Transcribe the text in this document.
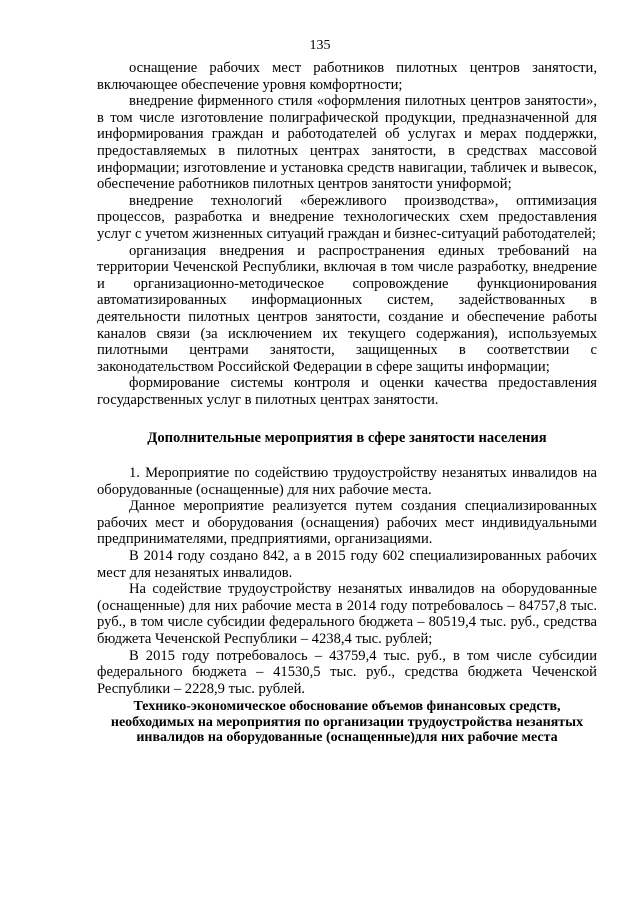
135

оснащение рабочих мест работников пилотных центров занятости, включающее обеспечение уровня комфортности;

внедрение фирменного стиля «оформления пилотных центров занятости», в том числе изготовление полиграфической продукции, предназначенной для информирования граждан и работодателей об услугах и мерах поддержки, предоставляемых в пилотных центрах занятости, в средствах массовой информации; изготовление и установка средств навигации, табличек и вывесок, обеспечение работников пилотных центров занятости униформой;

внедрение технологий «бережливого производства», оптимизация процессов, разработка и внедрение технологических схем предоставления услуг с учетом жизненных ситуаций граждан и бизнес-ситуаций работодателей;

организация внедрения и распространения единых требований на территории Чеченской Республики, включая в том числе разработку, внедрение и организационно-методическое сопровождение функционирования автоматизированных информационных систем, задействованных в деятельности пилотных центров занятости, создание и обеспечение работы каналов связи (за исключением их текущего содержания), используемых пилотными центрами занятости, защищенных в соответствии с законодательством Российской Федерации в сфере защиты информации;

формирование системы контроля и оценки качества предоставления государственных услуг в пилотных центрах занятости.

Дополнительные мероприятия в сфере занятости населения

1. Мероприятие по содействию трудоустройству незанятых инвалидов на оборудованные (оснащенные) для них рабочие места.

Данное мероприятие реализуется путем создания специализированных рабочих мест и оборудования (оснащения) рабочих мест индивидуальными предпринимателями, предприятиями, организациями.

В 2014 году создано 842, а в 2015 году 602 специализированных рабочих мест для незанятых инвалидов.

На содействие трудоустройству незанятых инвалидов на оборудованные (оснащенные) для них рабочие места в 2014 году потребовалось – 84757,8 тыс. руб., в том числе субсидии федерального бюджета – 80519,4 тыс. руб., средства бюджета Чеченской Республики – 4238,4 тыс. рублей;

В 2015 году потребовалось – 43759,4 тыс. руб., в том числе субсидии федерального бюджета – 41530,5 тыс. руб., средства бюджета Чеченской Республики – 2228,9 тыс. рублей.

Технико-экономическое обоснование объемов финансовых средств, необходимых на мероприятия по организации трудоустройства незанятых инвалидов на оборудованные (оснащенные)для них рабочие места
